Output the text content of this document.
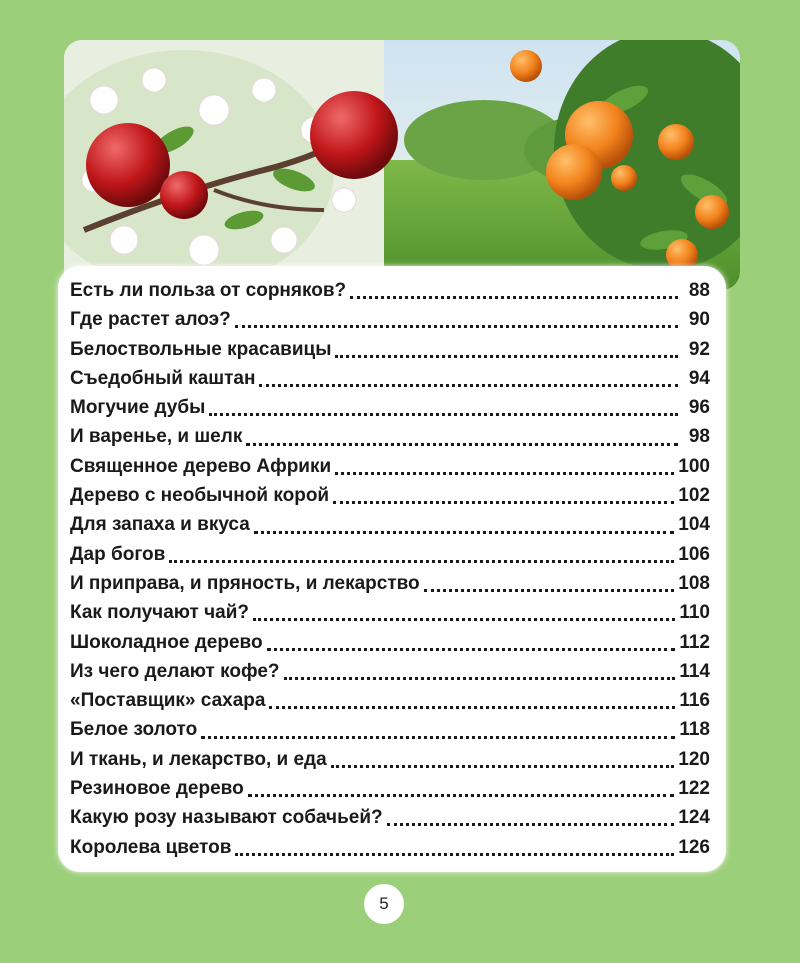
Есть ли польза от сорняков?	88
Где растет алоэ?	90
Белоствольные красавицы	92
Съедобный каштан	94
Могучие дубы	96
И варенье, и шелк	98
Священное дерево Африки	100
Дерево с необычной корой	102
Для запаха и вкуса	104
Дар богов	106
И приправа, и пряность, и лекарство	108
Как получают чай?	110
Шоколадное дерево	112
Из чего делают кофе?	114
«Поставщик» сахара	116
Белое золото	118
И ткань, и лекарство, и еда	120
Резиновое дерево	122
Какую розу называют собачьей?	124
Королева цветов	126
5
